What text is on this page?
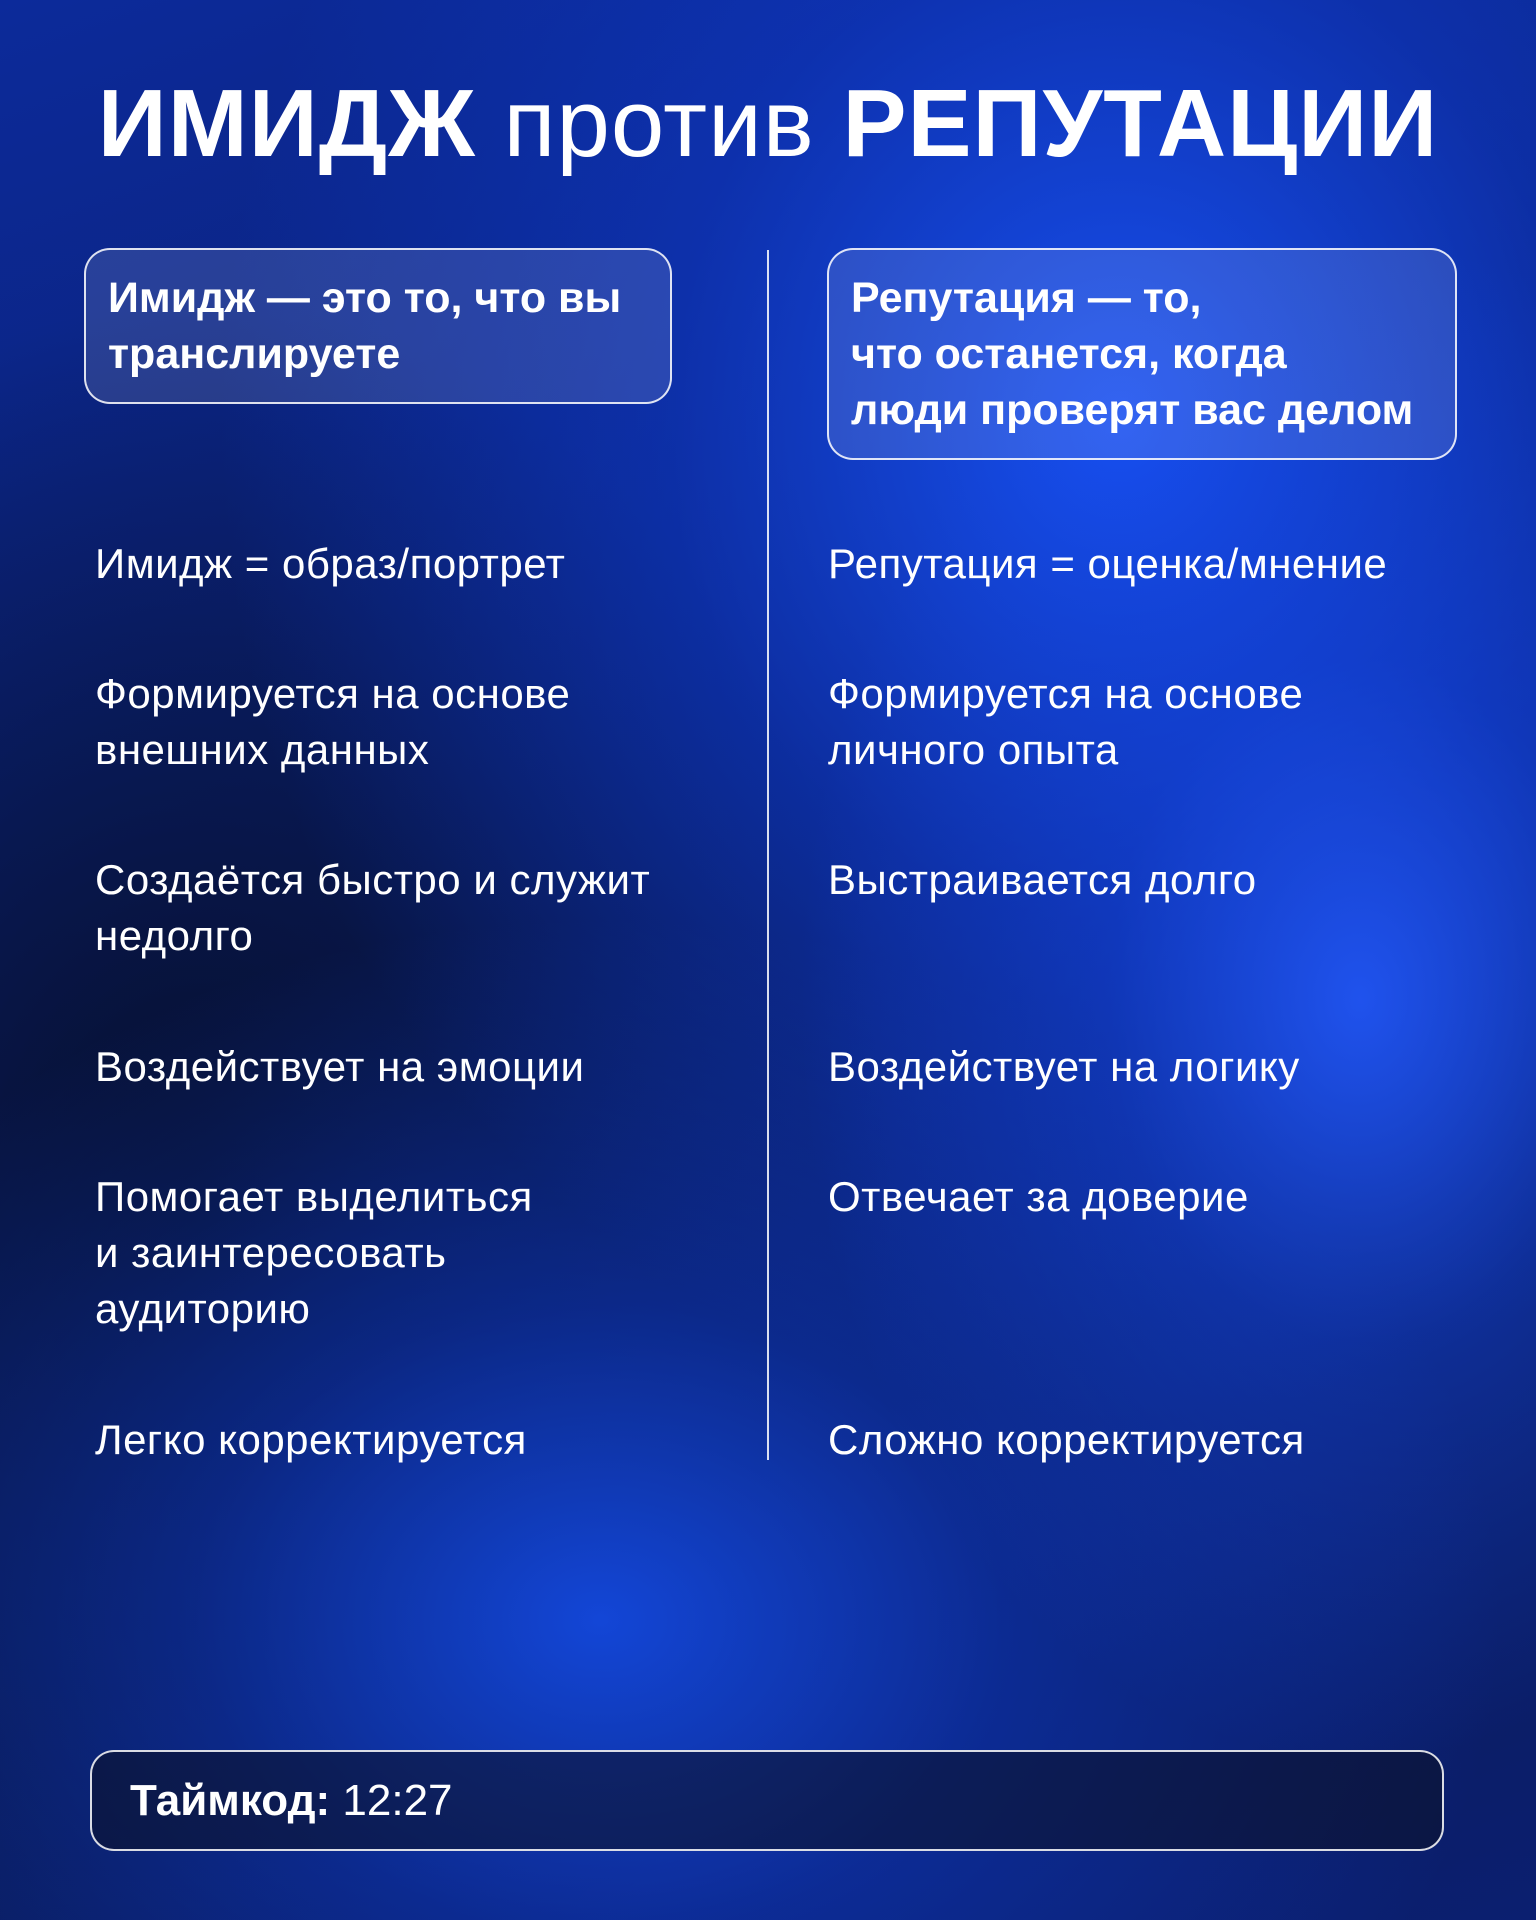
ИМИДЖ против РЕПУТАЦИИ
Имидж — это то, что вы
транслируете
Репутация — то,
что останется, когда
люди проверят вас делом
Имидж = образ/портрет
Формируется на основе
внешних данных
Создаётся быстро и служит
недолго
Воздействует на эмоции
Помогает выделиться
и заинтересовать
аудиторию
Легко корректируется
Репутация = оценка/мнение
Формируется на основе
личного опыта
Выстраивается долго
Воздействует на логику
Отвечает за доверие
Сложно корректируется
Таймкод: 12:27
